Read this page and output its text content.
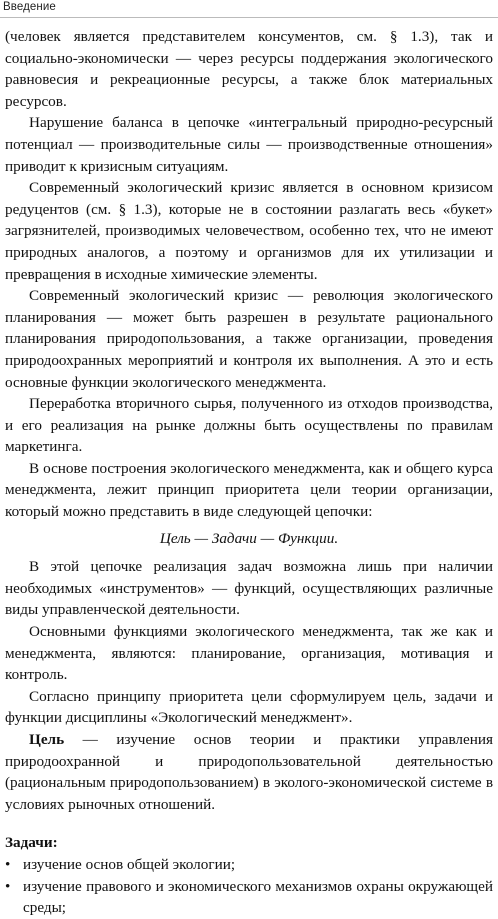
Введение

(человек является представителем консументов, см. § 1.3), так и социально-экономически — через ресурсы поддержания экологического равновесия и рекреационные ресурсы, а также блок материальных ресурсов.

Нарушение баланса в цепочке «интегральный природно-ресурсный потенциал — производительные силы — производственные отношения» приводит к кризисным ситуациям.

Современный экологический кризис является в основном кризисом редуцентов (см. § 1.3), которые не в состоянии разлагать весь «букет» загрязнителей, производимых человечеством, особенно тех, что не имеют природных аналогов, а поэтому и организмов для их утилизации и превращения в исходные химические элементы.

Современный экологический кризис — революция экологического планирования — может быть разрешен в результате рационального планирования природопользования, а также организации, проведения природоохранных мероприятий и контроля их выполнения. А это и есть основные функции экологического менеджмента.

Переработка вторичного сырья, полученного из отходов производства, и его реализация на рынке должны быть осуществлены по правилам маркетинга.

В основе построения экологического менеджмента, как и общего курса менеджмента, лежит принцип приоритета цели теории организации, который можно представить в виде следующей цепочки:

Цель — Задачи — Функции.

В этой цепочке реализация задач возможна лишь при наличии необходимых «инструментов» — функций, осуществляющих различные виды управленческой деятельности.

Основными функциями экологического менеджмента, так же как и менеджмента, являются: планирование, организация, мотивация и контроль.

Согласно принципу приоритета цели сформулируем цель, задачи и функции дисциплины «Экологический менеджмент».

Цель — изучение основ теории и практики управления природоохранной и природопользовательной деятельностью (рациональным природопользованием) в эколого-экономической системе в условиях рыночных отношений.

Задачи:
• изучение основ общей экологии;
• изучение правового и экономического механизмов охраны окружающей среды;
